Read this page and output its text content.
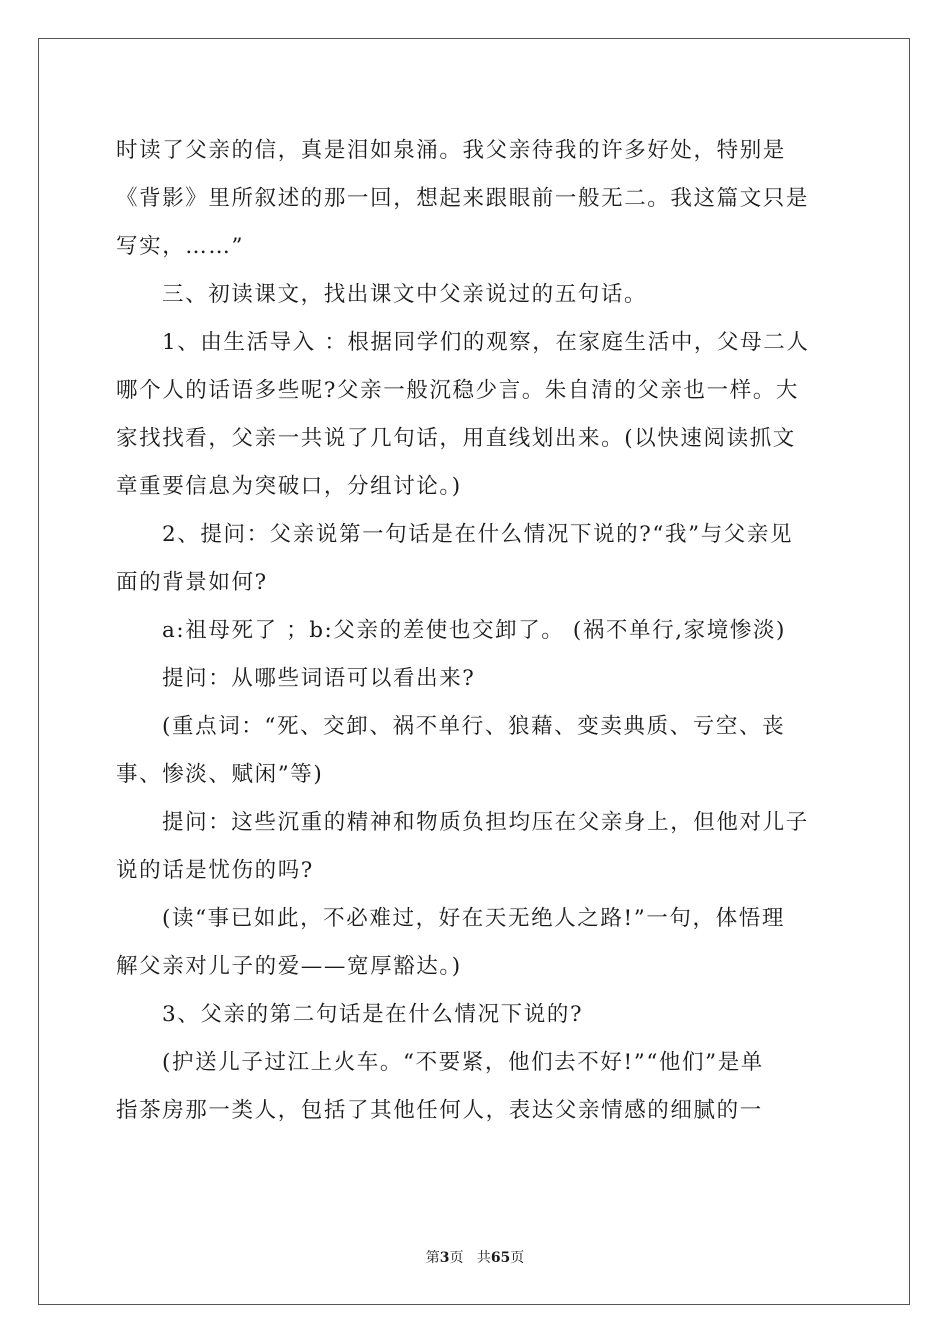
时读了父亲的信，真是泪如泉涌。我父亲待我的许多好处，特别是
《背影》里所叙述的那一回，想起来跟眼前一般无二。我这篇文只是
写实，……”
三、初读课文，找出课文中父亲说过的五句话。
1、由生活导入 ：根据同学们的观察，在家庭生活中，父母二人
哪个人的话语多些呢?父亲一般沉稳少言。朱自清的父亲也一样。大
家找找看，父亲一共说了几句话，用直线划出来。(以快速阅读抓文
章重要信息为突破口，分组讨论。)
2、提问：父亲说第一句话是在什么情况下说的?“我”与父亲见
面的背景如何?
a:祖母死了 ；b:父亲的差使也交卸了。 (祸不单行,家境惨淡)
提问：从哪些词语可以看出来?
(重点词：“死、交卸、祸不单行、狼藉、变卖典质、亏空、丧
事、惨淡、赋闲”等)
提问：这些沉重的精神和物质负担均压在父亲身上，但他对儿子
说的话是忧伤的吗?
(读“事已如此，不必难过，好在天无绝人之路!”一句，体悟理
解父亲对儿子的爱——宽厚豁达。)
3、父亲的第二句话是在什么情况下说的?
(护送儿子过江上火车。“不要紧，他们去不好!”“他们”是单
指茶房那一类人，包括了其他任何人，表达父亲情感的细腻的一
第3页 共65页
